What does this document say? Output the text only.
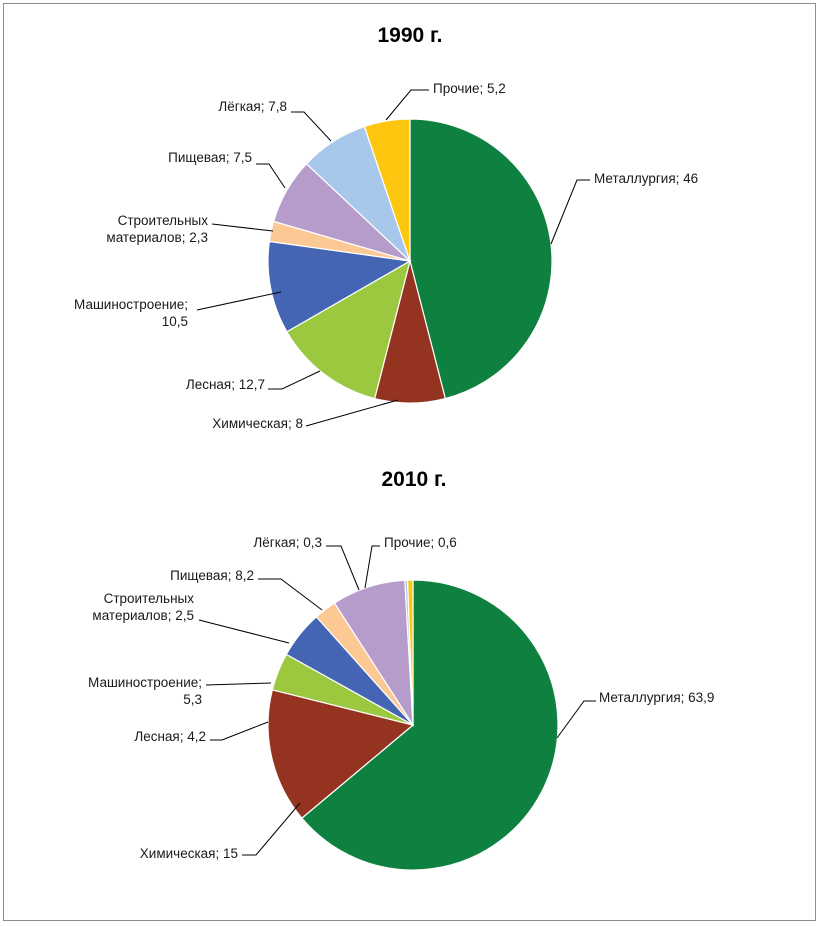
1990 г.
Металлургия; 46
Химическая; 8
Лесная; 12,7
Машиностроение; 10,5
Строительных материалов; 2,3
Пищевая; 7,5
Лёгкая; 7,8
Прочие; 5,2
2010 г.
Металлургия; 63,9
Химическая; 15
Лесная; 4,2
Машиностроение; 5,3
Строительных материалов; 2,5
Пищевая; 8,2
Лёгкая; 0,3	Прочие; 0,6
